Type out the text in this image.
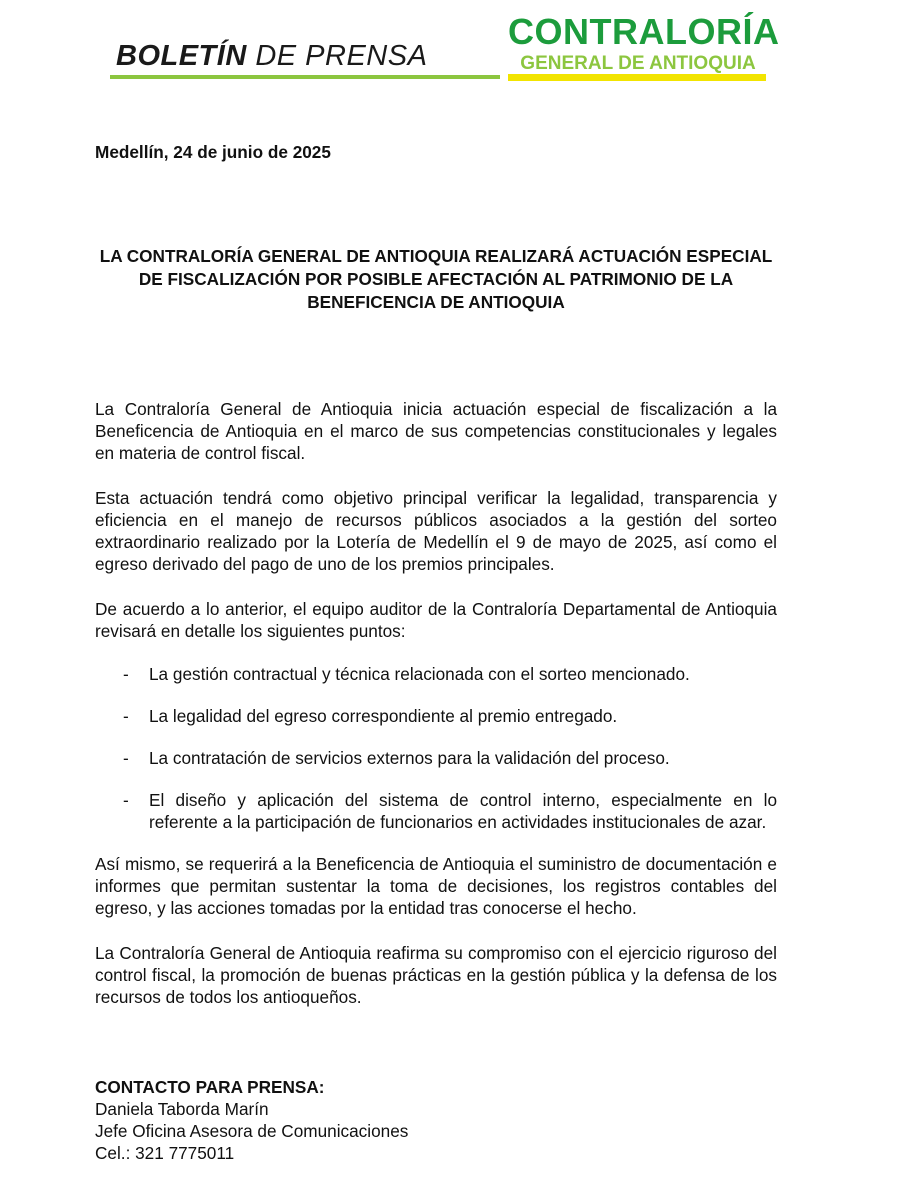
BOLETÍN DE PRENSA
CONTRALORÍA
GENERAL DE ANTIOQUIA

Medellín, 24 de junio de 2025

LA CONTRALORÍA GENERAL DE ANTIOQUIA REALIZARÁ ACTUACIÓN ESPECIAL DE FISCALIZACIÓN POR POSIBLE AFECTACIÓN AL PATRIMONIO DE LA BENEFICENCIA DE ANTIOQUIA

La Contraloría General de Antioquia inicia actuación especial de fiscalización a la Beneficencia de Antioquia en el marco de sus competencias constitucionales y legales en materia de control fiscal.

Esta actuación tendrá como objetivo principal verificar la legalidad, transparencia y eficiencia en el manejo de recursos públicos asociados a la gestión del sorteo extraordinario realizado por la Lotería de Medellín el 9 de mayo de 2025, así como el egreso derivado del pago de uno de los premios principales.

De acuerdo a lo anterior, el equipo auditor de la Contraloría Departamental de Antioquia revisará en detalle los siguientes puntos:

- La gestión contractual y técnica relacionada con el sorteo mencionado.
- La legalidad del egreso correspondiente al premio entregado.
- La contratación de servicios externos para la validación del proceso.
- El diseño y aplicación del sistema de control interno, especialmente en lo referente a la participación de funcionarios en actividades institucionales de azar.

Así mismo, se requerirá a la Beneficencia de Antioquia el suministro de documentación e informes que permitan sustentar la toma de decisiones, los registros contables del egreso, y las acciones tomadas por la entidad tras conocerse el hecho.

La Contraloría General de Antioquia reafirma su compromiso con el ejercicio riguroso del control fiscal, la promoción de buenas prácticas en la gestión pública y la defensa de los recursos de todos los antioqueños.

CONTACTO PARA PRENSA:
Daniela Taborda Marín
Jefe Oficina Asesora de Comunicaciones
Cel.: 321 7775011
